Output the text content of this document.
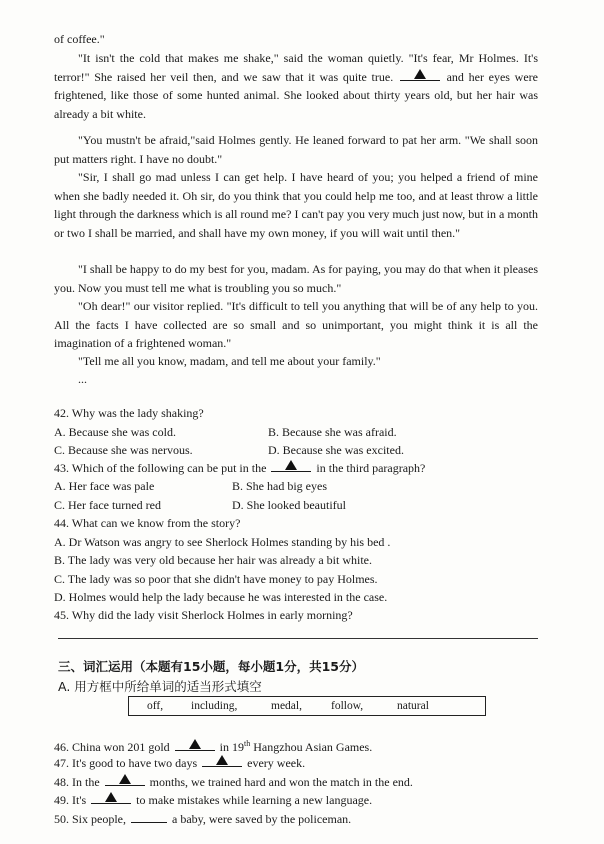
of coffee."

"It isn't the cold that makes me shake," said the woman quietly. "It's fear, Mr Holmes. It's terror!" She raised her veil then, and we saw that it was quite true.	and her eyes were frightened, like those of some hunted animal. She looked about thirty years old, but her hair was already a bit white.

"You mustn't be afraid,"said Holmes gently. He leaned forward to pat her arm. "We shall soon put matters right. I have no doubt."

"Sir, I shall go mad unless I can get help. I have heard of you; you helped a friend of mine when she badly needed it. Oh sir, do you think that you could help me too, and at least throw a little light through the darkness which is all round me? I can't pay you very much just now, but in a month or two I shall be married, and shall have my own money, if you will wait until then."

"I shall be happy to do my best for you, madam. As for paying, you may do that when it pleases you. Now you must tell me what is troubling you so much."

"Oh dear!" our visitor replied. "It's difficult to tell you anything that will be of any help to you. All the facts I have collected are so small and so unimportant, you might think it is all the imagination of a frightened woman."

"Tell me all you know, madam, and tell me about your family."

...

42. Why was the lady shaking?
A. Because she was cold.	B. Because she was afraid.
C. Because she was nervous.	D. Because she was excited.
43. Which of the following can be put in the	in the third paragraph?
A. Her face was pale	B. She had big eyes
C. Her face turned red	D. She looked beautiful
44. What can we know from the story?
A. Dr Watson was angry to see Sherlock Holmes standing by his bed .
B. The lady was very old because her hair was already a bit white.
C. The lady was so poor that she didn't have money to pay Holmes.
D. Holmes would help the lady because he was interested in the case.
45. Why did the lady visit Sherlock Holmes in early morning?
三、词汇运用（本题有15小题，每小题1分，共15分）
A. 用方框中所给单词的适当形式填空
off, including,	medal,	follow,	natural
46. China won 201 gold	in 19th Hangzhou Asian Games.
47. It's good to have two days	every week.
48. In the	months, we trained hard and won the match in the end.
49. It's	to make mistakes while learning a new language.
50. Six people,	a baby, were saved by the policeman.
